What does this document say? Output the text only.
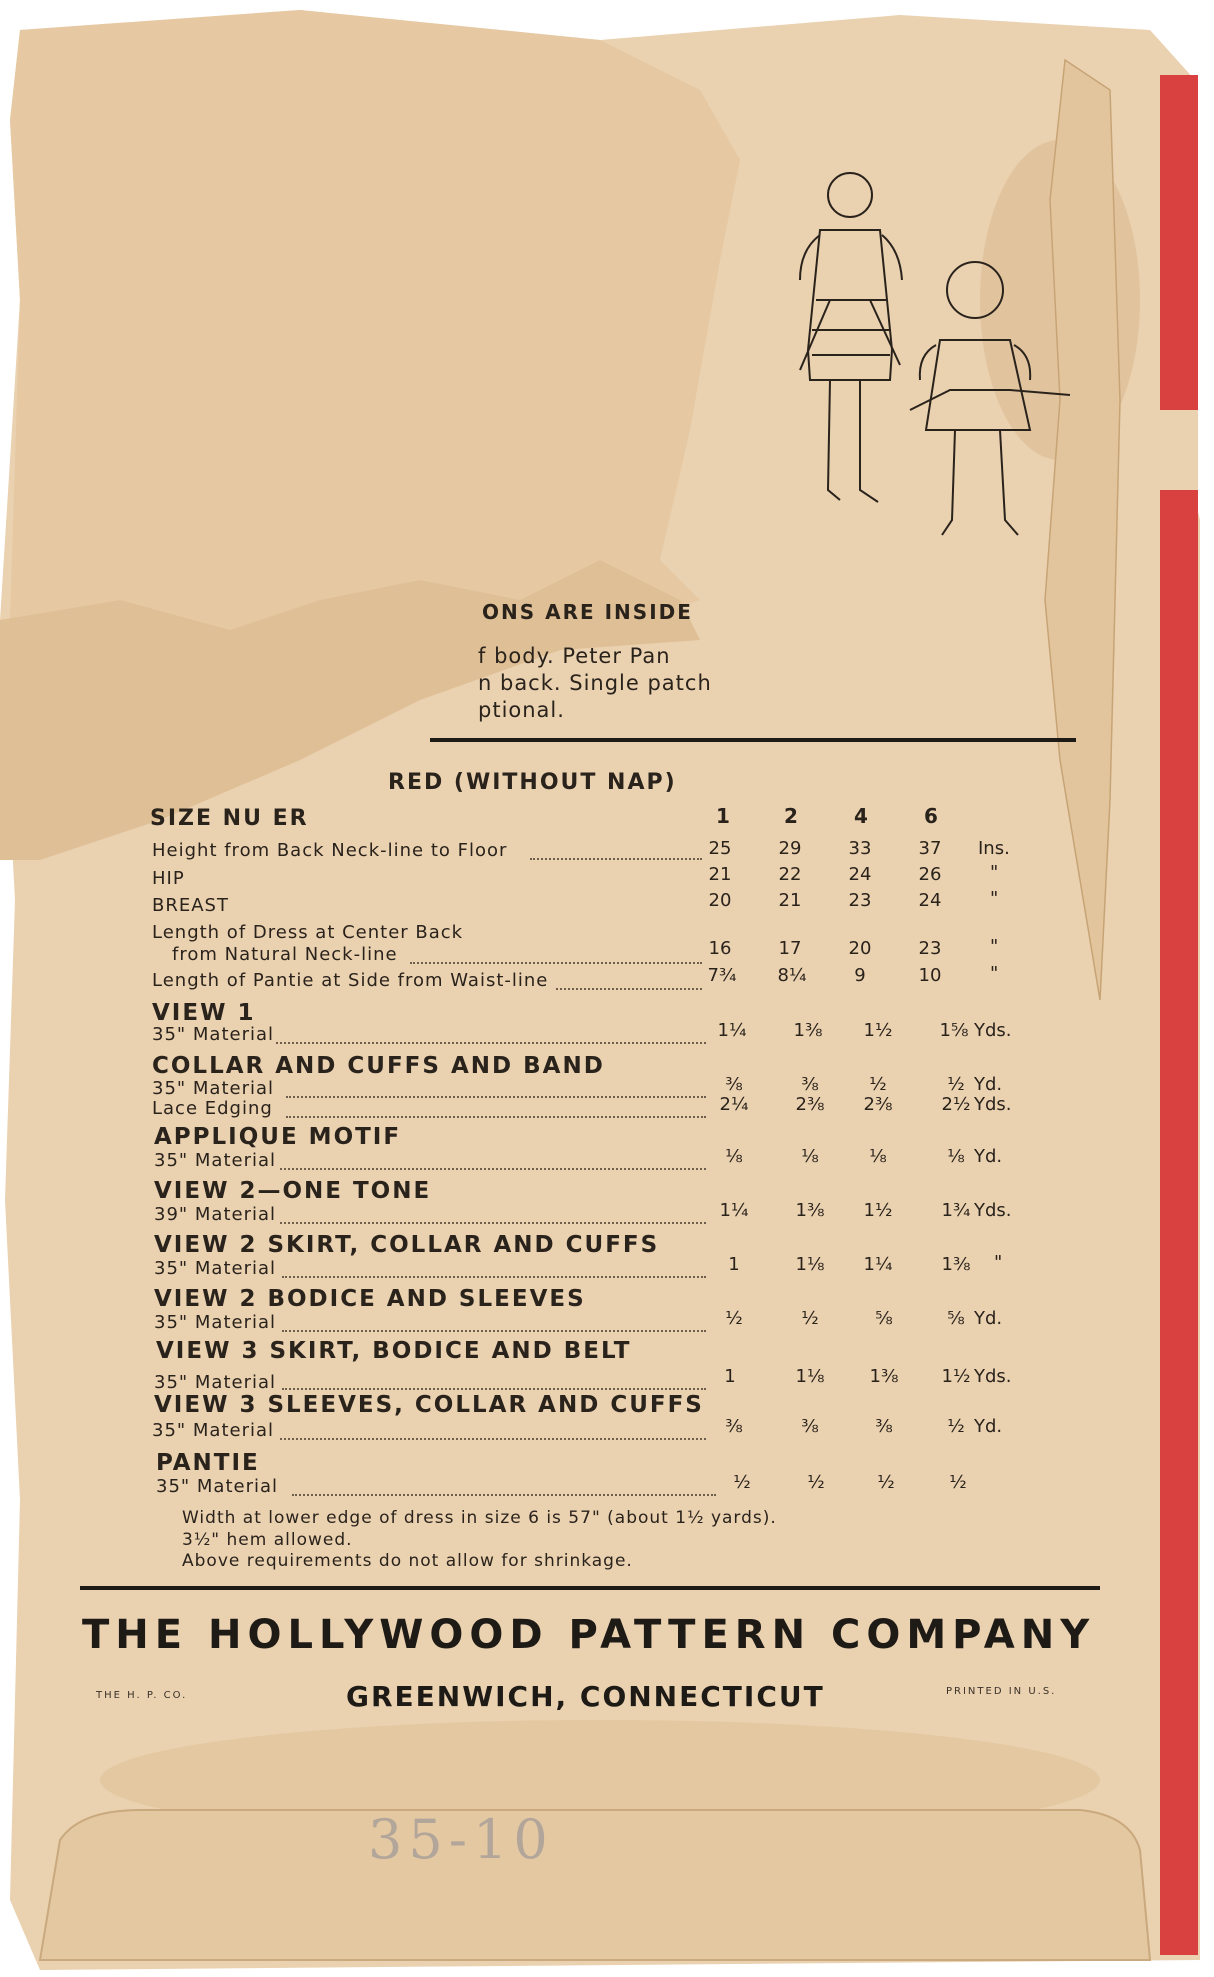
ONS ARE INSIDE
f body. Peter Pan
n back. Single patch
ptional.
RED (WITHOUT NAP)
SIZE NU ER	1	2	4	6
Height from Back Neck-line to Floor	25	29	33	37	Ins.
HIP	21	22	24	26	"
BREAST	20	21	23	24	"
Length of Dress at Center Back
from Natural Neck-line	16	17	20	23	"
Length of Pantie at Side from Waist-line	7¾	8¼	9	10	"
VIEW 1
35" Material	1¼	1⅜	1½	1⅝ Yds.
COLLAR AND CUFFS AND BAND
35" Material	⅜	⅜	½	½ Yd.
Lace Edging	2¼	2⅜	2⅜	2½ Yds.
APPLIQUE MOTIF
35" Material	⅛	⅛	⅛	⅛ Yd.
VIEW 2—ONE TONE
39" Material	1¼	1⅜	1½	1¾ Yds.
VIEW 2 SKIRT, COLLAR AND CUFFS
35" Material	1	1⅛	1¼	1⅜	"
VIEW 2 BODICE AND SLEEVES
35" Material	½	½	⅝	⅝ Yd.
VIEW 3 SKIRT, BODICE AND BELT
35" Material	1	1⅛	1⅜	1½ Yds.
VIEW 3 SLEEVES, COLLAR AND CUFFS
35" Material	⅜	⅜	⅜	½ Yd.
PANTIE
35" Material	½	½	½	½
Width at lower edge of dress in size 6 is 57" (about 1½ yards).
3½" hem allowed.
Above requirements do not allow for shrinkage.
THE HOLLYWOOD PATTERN COMPANY
GREENWICH, CONNECTICUT
THE H. P. CO.	PRINTED IN U.S.
35-10
